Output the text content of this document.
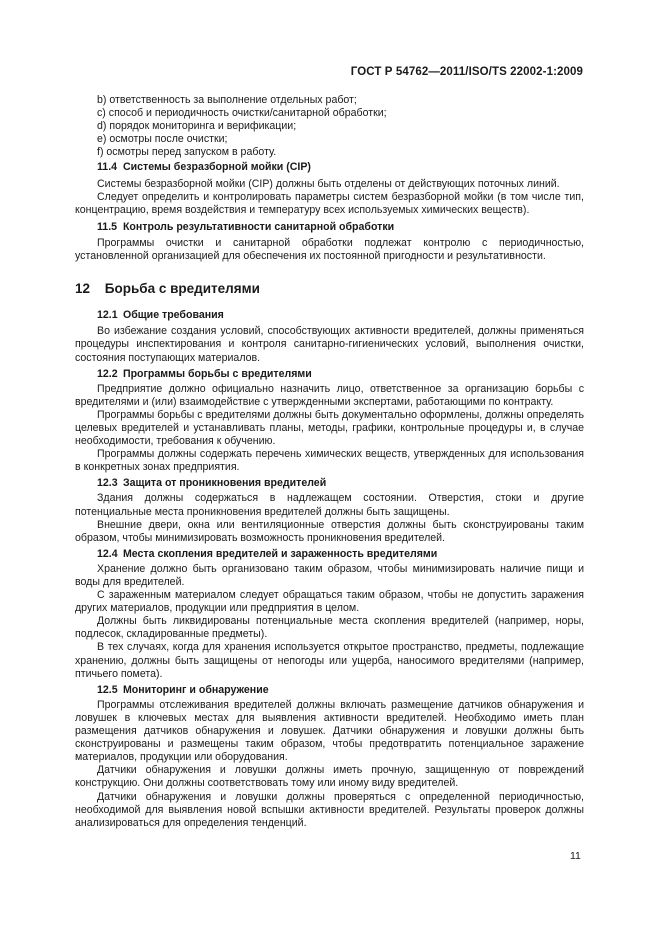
ГОСТ Р 54762—2011/ISO/TS 22002-1:2009
b) ответственность за выполнение отдельных работ;
c) способ и периодичность очистки/санитарной обработки;
d) порядок мониторинга и верификации;
e) осмотры после очистки;
f) осмотры перед запуском в работу.
11.4 Системы безразборной мойки (CIP)

Системы безразборной мойки (CIP) должны быть отделены от действующих поточных линий.

Следует определить и контролировать параметры систем безразборной мойки (в том числе тип, концентрацию, время воздействия и температуру всех используемых химических веществ).

11.5 Контроль результативности санитарной обработки

Программы очистки и санитарной обработки подлежат контролю с периодичностью, установленной организацией для обеспечения их постоянной пригодности и результативности.

12 Борьба с вредителями
12.1 Общие требования

Во избежание создания условий, способствующих активности вредителей, должны применяться процедуры инспектирования и контроля санитарно-гигиенических условий, выполнения очистки, состояния поступающих материалов.

12.2 Программы борьбы с вредителями

Предприятие должно официально назначить лицо, ответственное за организацию борьбы с вредителями и (или) взаимодействие с утвержденными экспертами, работающими по контракту.

Программы борьбы с вредителями должны быть документально оформлены, должны определять целевых вредителей и устанавливать планы, методы, графики, контрольные процедуры и, в случае необходимости, требования к обучению.

Программы должны содержать перечень химических веществ, утвержденных для использования в конкретных зонах предприятия.

12.3 Защита от проникновения вредителей

Здания должны содержаться в надлежащем состоянии. Отверстия, стоки и другие потенциальные места проникновения вредителей должны быть защищены.

Внешние двери, окна или вентиляционные отверстия должны быть сконструированы таким образом, чтобы минимизировать возможность проникновения вредителей.

12.4 Места скопления вредителей и зараженность вредителями

Хранение должно быть организовано таким образом, чтобы минимизировать наличие пищи и воды для вредителей.

С зараженным материалом следует обращаться таким образом, чтобы не допустить заражения других материалов, продукции или предприятия в целом.

Должны быть ликвидированы потенциальные места скопления вредителей (например, норы, подлесок, складированные предметы).

В тех случаях, когда для хранения используется открытое пространство, предметы, подлежащие хранению, должны быть защищены от непогоды или ущерба, наносимого вредителями (например, птичьего помета).

12.5 Мониторинг и обнаружение

Программы отслеживания вредителей должны включать размещение датчиков обнаружения и ловушек в ключевых местах для выявления активности вредителей. Необходимо иметь план размещения датчиков обнаружения и ловушек. Датчики обнаружения и ловушки должны быть сконструированы и размещены таким образом, чтобы предотвратить потенциальное заражение материалов, продукции или оборудования.

Датчики обнаружения и ловушки должны иметь прочную, защищенную от повреждений конструкцию. Они должны соответствовать тому или иному виду вредителей.

Датчики обнаружения и ловушки должны проверяться с определенной периодичностью, необходимой для выявления новой вспышки активности вредителей. Результаты проверок должны анализироваться для определения тенденций.

11
